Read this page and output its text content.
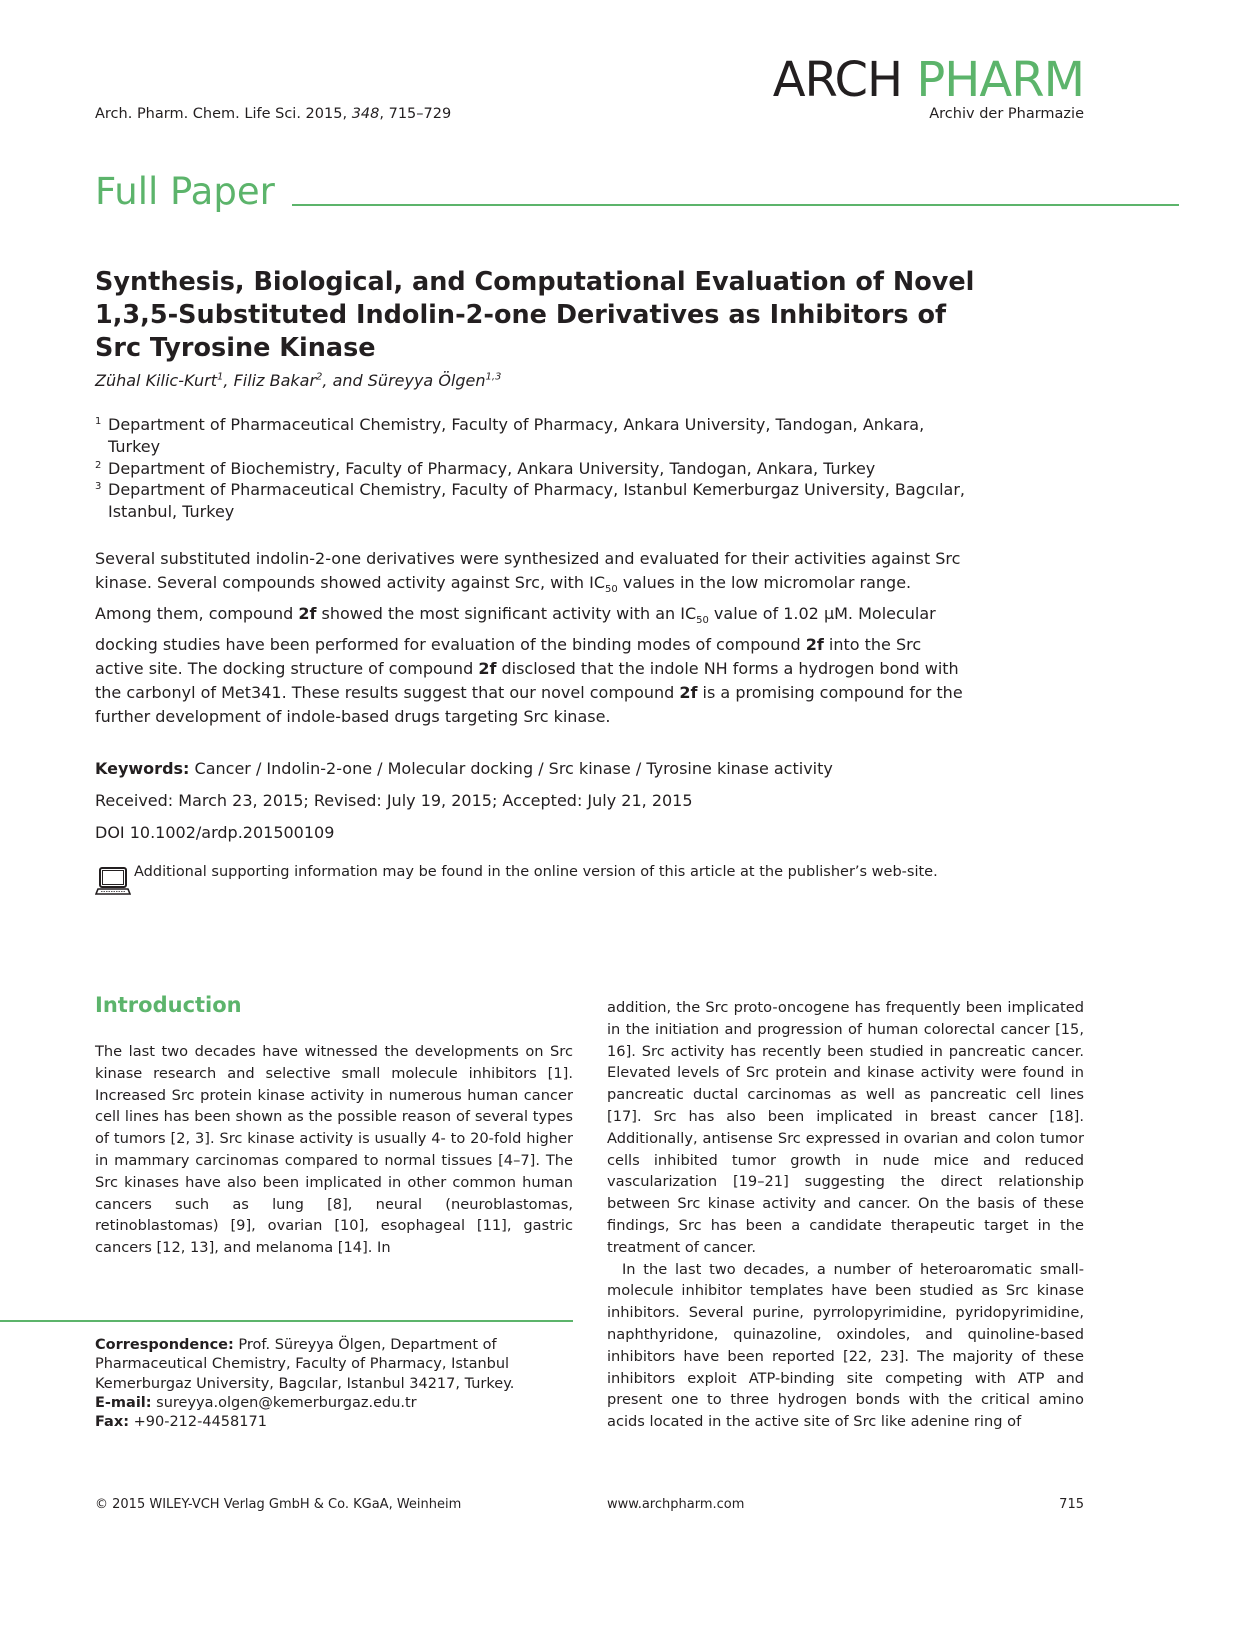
Arch. Pharm. Chem. Life Sci. 2015, 348, 715–729
ARCH PHARM
Archiv der Pharmazie
Full Paper
Synthesis, Biological, and Computational Evaluation of Novel 1,3,5-Substituted Indolin-2-one Derivatives as Inhibitors of Src Tyrosine Kinase
Zühal Kilic-Kurt$^1$, Filiz Bakar$^2$, and Süreyya Ölgen$^{1,3}$
1 Department of Pharmaceutical Chemistry, Faculty of Pharmacy, Ankara University, Tandogan, Ankara, Turkey
2 Department of Biochemistry, Faculty of Pharmacy, Ankara University, Tandogan, Ankara, Turkey
3 Department of Pharmaceutical Chemistry, Faculty of Pharmacy, Istanbul Kemerburgaz University, Bagcılar, Istanbul, Turkey
Several substituted indolin-2-one derivatives were synthesized and evaluated for their activities against Src kinase. Several compounds showed activity against Src, with $IC_{50}$ values in the low micromolar range. Among them, compound 2f showed the most significant activity with an $IC_{50}$ value of 1.02 μM. Molecular docking studies have been performed for evaluation of the binding modes of compound 2f into the Src active site. The docking structure of compound 2f disclosed that the indole NH forms a hydrogen bond with the carbonyl of Met341. These results suggest that our novel compound 2f is a promising compound for the further development of indole-based drugs targeting Src kinase.
Keywords: Cancer / Indolin-2-one / Molecular docking / Src kinase / Tyrosine kinase activity
Received: March 23, 2015; Revised: July 19, 2015; Accepted: July 21, 2015
DOI 10.1002/ardp.201500109
Additional supporting information may be found in the online version of this article at the publisher’s web-site.
Introduction

The last two decades have witnessed the developments on Src kinase research and selective small molecule inhibitors [1]. Increased Src protein kinase activity in numerous human cancer cell lines has been shown as the possible reason of several types of tumors [2, 3]. Src kinase activity is usually 4- to 20-fold higher in mammary carcinomas compared to normal tissues [4–7]. The Src kinases have also been implicated in other common human cancers such as lung [8], neural (neuroblastomas, retinoblastomas) [9], ovarian [10], esophageal [11], gastric cancers [12, 13], and melanoma [14]. In

addition, the Src proto-oncogene has frequently been implicated in the initiation and progression of human colorectal cancer [15, 16]. Src activity has recently been studied in pancreatic cancer. Elevated levels of Src protein and kinase activity were found in pancreatic ductal carcinomas as well as pancreatic cell lines [17]. Src has also been implicated in breast cancer [18]. Additionally, antisense Src expressed in ovarian and colon tumor cells inhibited tumor growth in nude mice and reduced vascularization [19–21] suggesting the direct relationship between Src kinase activity and cancer. On the basis of these findings, Src has been a candidate therapeutic target in the treatment of cancer.

In the last two decades, a number of heteroaromatic small-molecule inhibitor templates have been studied as Src kinase inhibitors. Several purine, pyrrolopyrimidine, pyridopyrimidine, naphthyridone, quinazoline, oxindoles, and quinoline-based inhibitors have been reported [22, 23]. The majority of these inhibitors exploit ATP-binding site competing with ATP and present one to three hydrogen bonds with the critical amino acids located in the active site of Src like adenine ring of

Correspondence: Prof. Süreyya Ölgen, Department of Pharmaceutical Chemistry, Faculty of Pharmacy, Istanbul Kemerburgaz University, Bagcılar, Istanbul 34217, Turkey.
E-mail: sureyya.olgen@kemerburgaz.edu.tr
Fax: +90-212-4458171
© 2015 WILEY-VCH Verlag GmbH & Co. KGaA, Weinheim	www.archpharm.com	715
